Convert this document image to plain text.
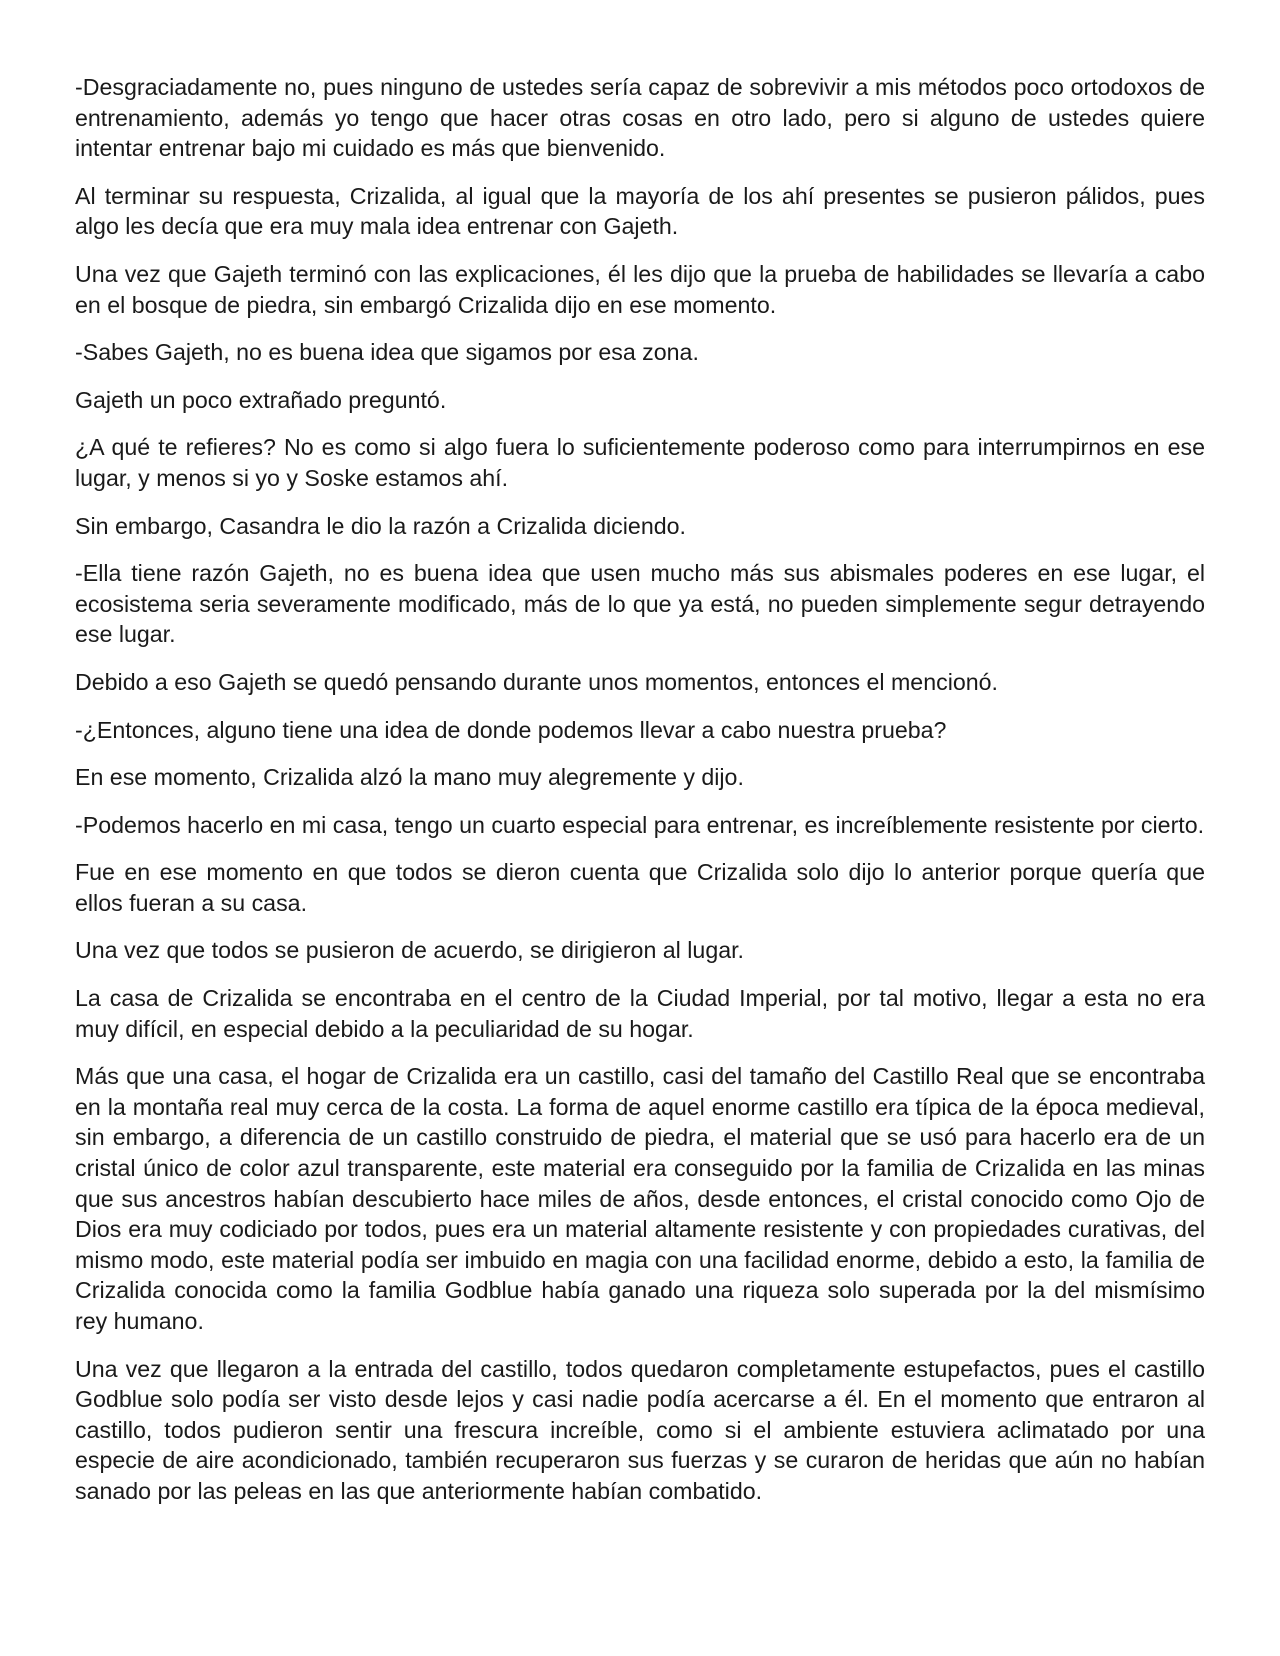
-Desgraciadamente no, pues ninguno de ustedes sería capaz de sobrevivir a mis métodos poco ortodoxos de entrenamiento, además yo tengo que hacer otras cosas en otro lado, pero si alguno de ustedes quiere intentar entrenar bajo mi cuidado es más que bienvenido.

Al terminar su respuesta, Crizalida, al igual que la mayoría de los ahí presentes se pusieron pálidos, pues algo les decía que era muy mala idea entrenar con Gajeth.

Una vez que Gajeth terminó con las explicaciones, él les dijo que la prueba de habilidades se llevaría a cabo en el bosque de piedra, sin embargó Crizalida dijo en ese momento.

-Sabes Gajeth, no es buena idea que sigamos por esa zona.

Gajeth un poco extrañado preguntó.

¿A qué te refieres? No es como si algo fuera lo suficientemente poderoso como para interrumpirnos en ese lugar, y menos si yo y Soske estamos ahí.

Sin embargo, Casandra le dio la razón a Crizalida diciendo.

-Ella tiene razón Gajeth, no es buena idea que usen mucho más sus abismales poderes en ese lugar, el ecosistema seria severamente modificado, más de lo que ya está, no pueden simplemente segur detrayendo ese lugar.

Debido a eso Gajeth se quedó pensando durante unos momentos, entonces el mencionó.

-¿Entonces, alguno tiene una idea de donde podemos llevar a cabo nuestra prueba?

En ese momento, Crizalida alzó la mano muy alegremente y dijo.

-Podemos hacerlo en mi casa, tengo un cuarto especial para entrenar, es increíblemente resistente por cierto.

Fue en ese momento en que todos se dieron cuenta que Crizalida solo dijo lo anterior porque quería que ellos fueran a su casa.

Una vez que todos se pusieron de acuerdo, se dirigieron al lugar.

La casa de Crizalida se encontraba en el centro de la Ciudad Imperial, por tal motivo, llegar a esta no era muy difícil, en especial debido a la peculiaridad de su hogar.

Más que una casa, el hogar de Crizalida era un castillo, casi del tamaño del Castillo Real que se encontraba en la montaña real muy cerca de la costa. La forma de aquel enorme castillo era típica de la época medieval, sin embargo, a diferencia de un castillo construido de piedra, el material que se usó para hacerlo era de un cristal único de color azul transparente, este material era conseguido por la familia de Crizalida en las minas que sus ancestros habían descubierto hace miles de años, desde entonces, el cristal conocido como Ojo de Dios era muy codiciado por todos, pues era un material altamente resistente y con propiedades curativas, del mismo modo, este material podía ser imbuido en magia con una facilidad enorme, debido a esto, la familia de Crizalida conocida como la familia Godblue había ganado una riqueza solo superada por la del mismísimo rey humano.

Una vez que llegaron a la entrada del castillo, todos quedaron completamente estupefactos, pues el castillo Godblue solo podía ser visto desde lejos y casi nadie podía acercarse a él. En el momento que entraron al castillo, todos pudieron sentir una frescura increíble, como si el ambiente estuviera aclimatado por una especie de aire acondicionado, también recuperaron sus fuerzas y se curaron de heridas que aún no habían sanado por las peleas en las que anteriormente habían combatido.
